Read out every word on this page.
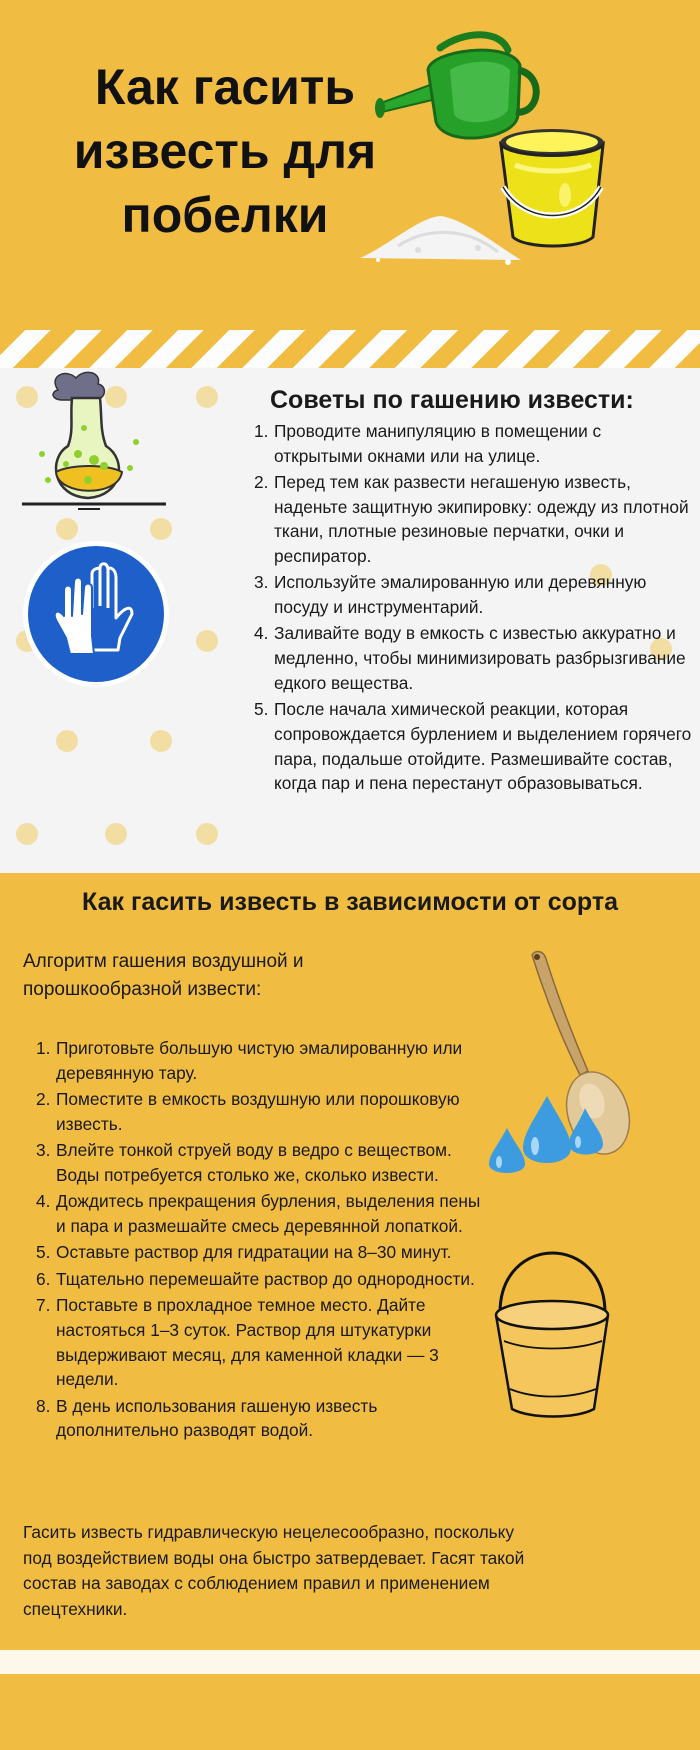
Как гасить известь для побелки
Советы по гашению извести:
1. Проводите манипуляцию в помещении с открытыми окнами или на улице.
2. Перед тем как развести негашеную известь, наденьте защитную экипировку: одежду из плотной ткани, плотные резиновые перчатки, очки и респиратор.
3. Используйте эмалированную или деревянную посуду и инструментарий.
4. Заливайте воду в емкость с известью аккуратно и медленно, чтобы минимизировать разбрызгивание едкого вещества.
5. После начала химической реакции, которая сопровождается бурлением и выделением горячего пара, подальше отойдите. Размешивайте состав, когда пар и пена перестанут образовываться.
Как гасить известь в зависимости от сорта

Алгоритм гашения воздушной и порошкообразной извести:

1. Приготовьте большую чистую эмалированную или деревянную тару.
2. Поместите в емкость воздушную или порошковую известь.
3. Влейте тонкой струей воду в ведро с веществом. Воды потребуется столько же, сколько извести.
4. Дождитесь прекращения бурления, выделения пены и пара и размешайте смесь деревянной лопаткой.
5. Оставьте раствор для гидратации на 8–30 минут.
6. Тщательно перемешайте раствор до однородности.
7. Поставьте в прохладное темное место. Дайте настояться 1–3 суток. Раствор для штукатурки выдерживают месяц, для каменной кладки — 3 недели.
8. В день использования гашеную известь дополнительно разводят водой.

Гасить известь гидравлическую нецелесообразно, поскольку под воздействием воды она быстро затвердевает. Гасят такой состав на заводах с соблюдением правил и применением спецтехники.
